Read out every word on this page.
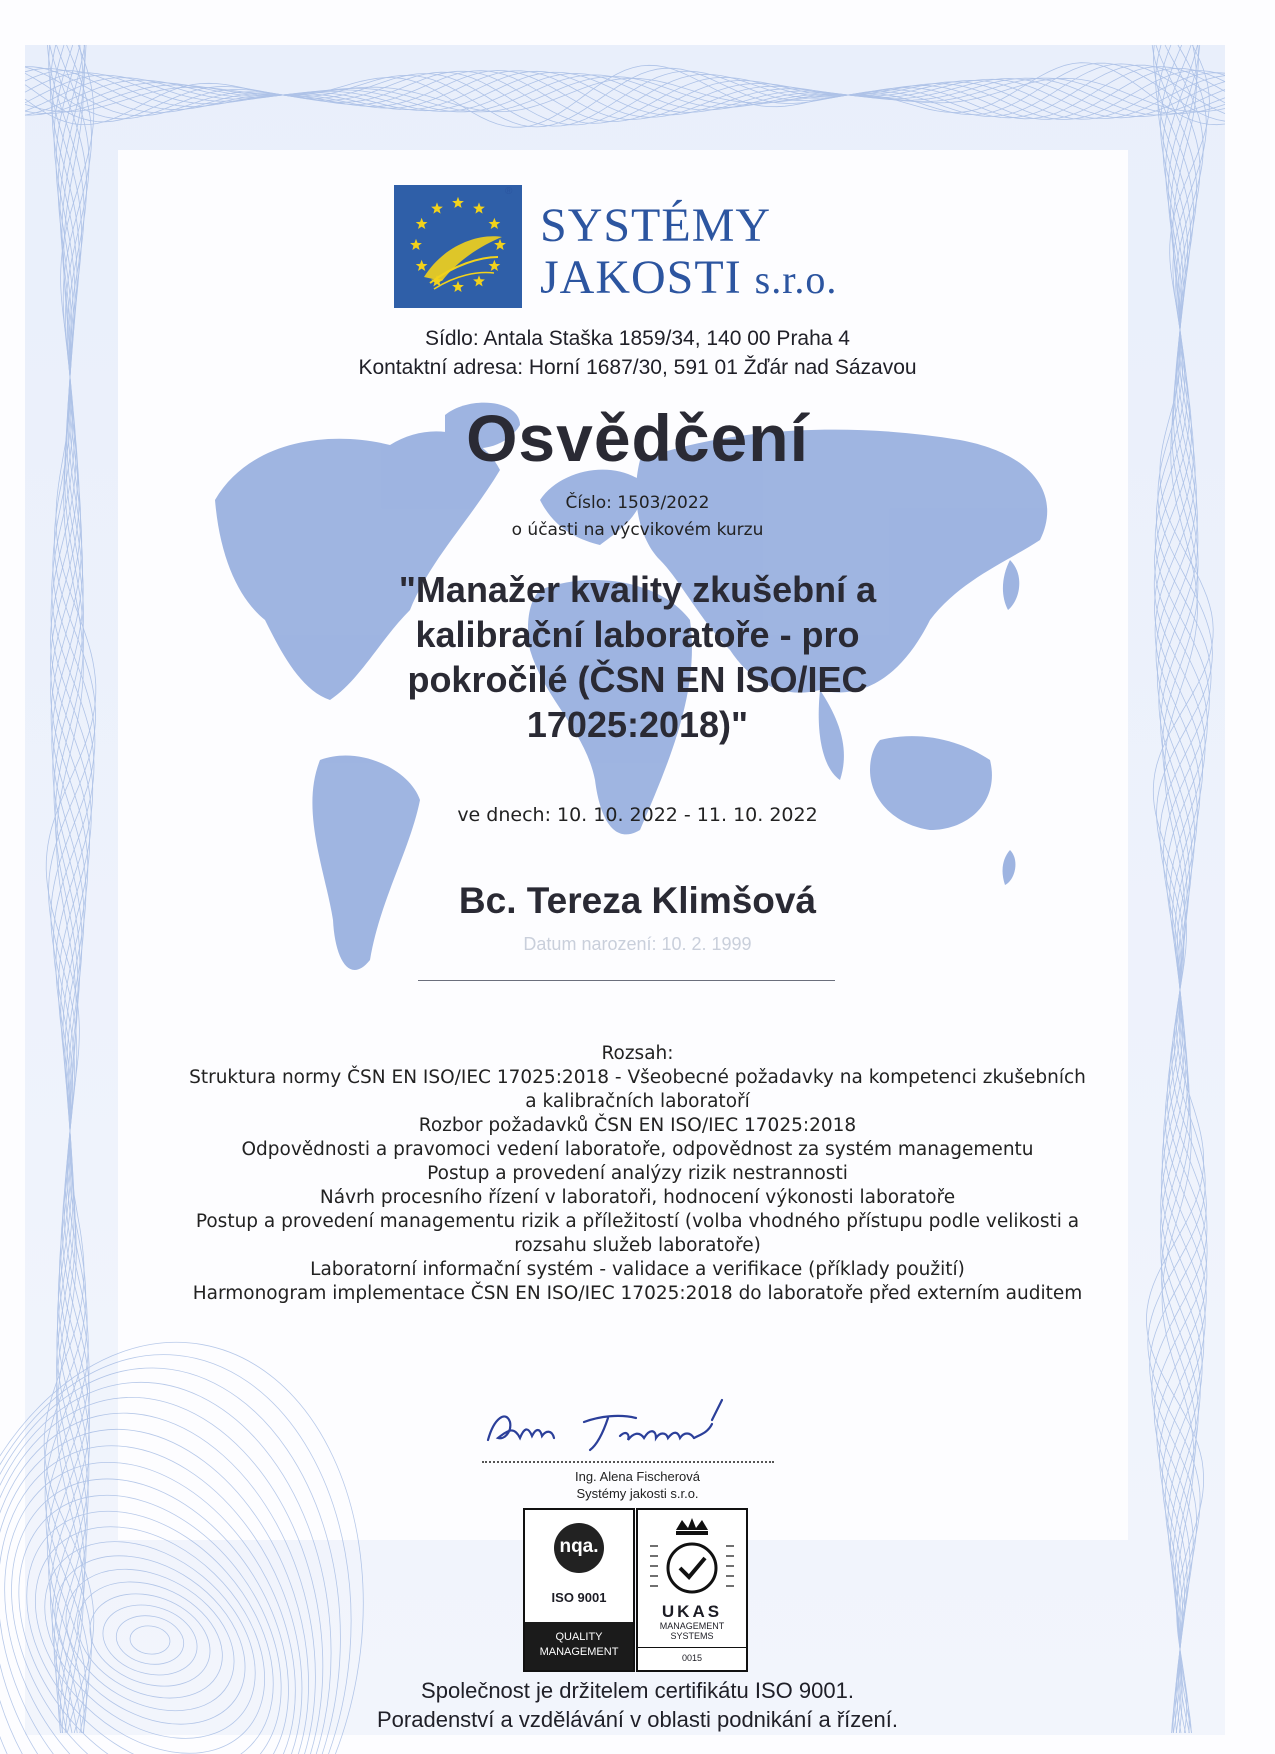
SYSTÉMY
JAKOSTI s.r.o.
®
Sídlo: Antala Staška 1859/34, 140 00 Praha 4
Kontaktní adresa: Horní 1687/30, 591 01 Žďár nad Sázavou
Osvědčení
Číslo: 1503/2022
o účasti na výcvikovém kurzu
"Manažer kvality zkušební a
kalibrační laboratoře - pro
pokročilé (ČSN EN ISO/IEC
17025:2018)"
ve dnech: 10. 10. 2022 - 11. 10. 2022
Bc. Tereza Klimšová
Datum narození: 10. 2. 1999
Rozsah:
Struktura normy ČSN EN ISO/IEC 17025:2018 - Všeobecné požadavky na kompetenci zkušebních
a kalibračních laboratoří
Rozbor požadavků ČSN EN ISO/IEC 17025:2018
Odpovědnosti a pravomoci vedení laboratoře, odpovědnost za systém managementu
Postup a provedení analýzy rizik nestrannosti
Návrh procesního řízení v laboratoři, hodnocení výkonosti laboratoře
Postup a provedení managementu rizik a příležitostí (volba vhodného přístupu podle velikosti a
rozsahu služeb laboratoře)
Laboratorní informační systém - validace a verifikace (příklady použití)
Harmonogram implementace ČSN EN ISO/IEC 17025:2018 do laboratoře před externím auditem
Ing. Alena Fischerová
Systémy jakosti s.r.o.
nqa.
ISO 9001
QUALITY
MANAGEMENT
UKAS
MANAGEMENT
SYSTEMS
0015
Společnost je držitelem certifikátu ISO 9001.
Poradenství a vzdělávání v oblasti podnikání a řízení.
